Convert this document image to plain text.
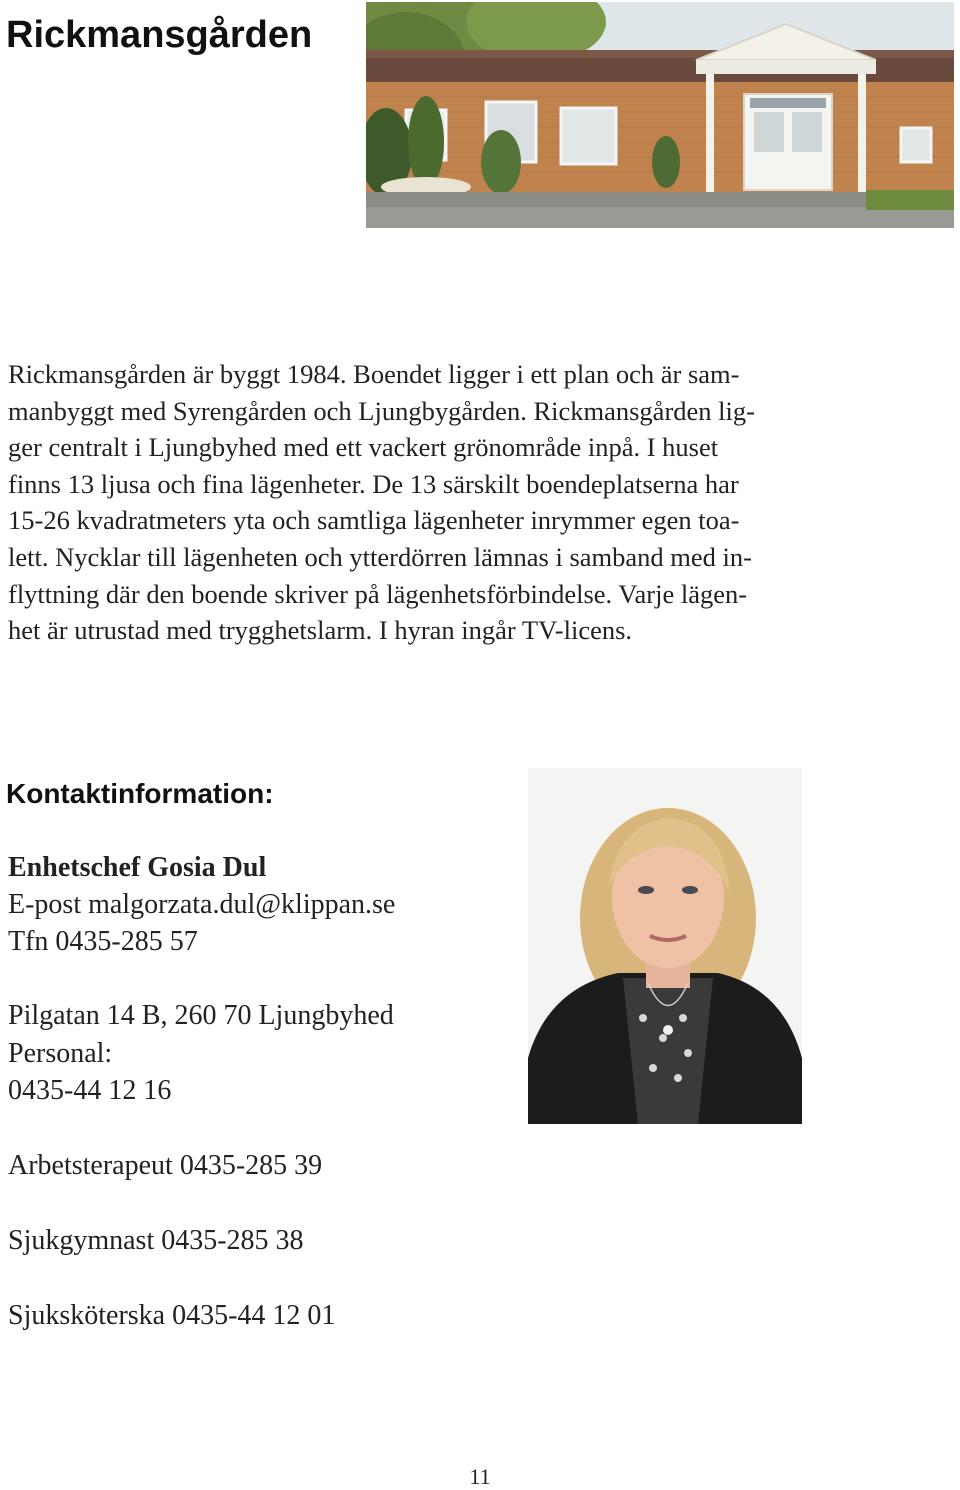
Rickmansgården

Rickmansgården är byggt 1984. Boendet ligger i ett plan och är sam-
manbyggt med Syrengården och Ljungbygården. Rickmansgården lig-
ger centralt i Ljungbyhed med ett vackert grönområde inpå. I huset
finns 13 ljusa och fina lägenheter. De 13 särskilt boendeplatserna har
15-26 kvadratmeters yta och samtliga lägenheter inrymmer egen toa-
lett. Nycklar till lägenheten och ytterdörren lämnas i samband med in-
flyttning där den boende skriver på lägenhetsförbindelse. Varje lägen-
het är utrustad med trygghetslarm. I hyran ingår TV-licens.

Kontaktinformation:

Enhetschef Gosia Dul

E-post malgorzata.dul@klippan.se

Tfn 0435-285 57

Pilgatan 14 B, 260 70 Ljungbyhed

Personal:

0435-44 12 16

Arbetsterapeut 0435-285 39

Sjukgymnast 0435-285 38

Sjuksköterska 0435-44 12 01

11
